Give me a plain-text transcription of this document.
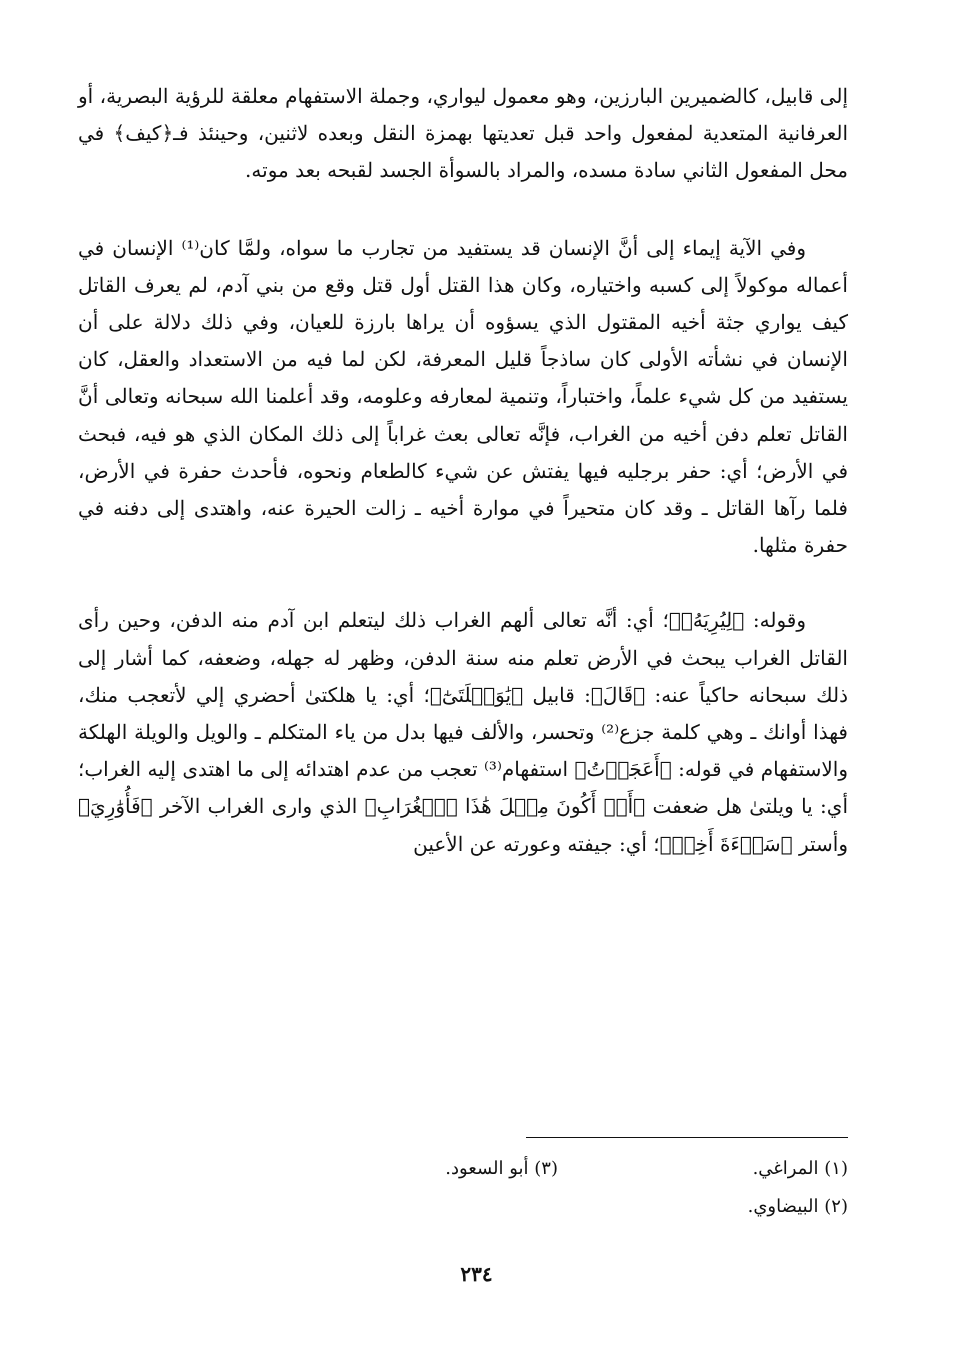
إلى قابيل، كالضميرين البارزين، وهو معمول ليواري، وجملة الاستفهام معلقة للرؤية البصرية، أو العرفانية المتعدية لمفعول واحد قبل تعديتها بهمزة النقل وبعده لاثنين، وحينئذ فـ﴿كيف﴾ في محل المفعول الثاني سادة مسده، والمراد بالسوأة الجسد لقبحه بعد موته.

وفي الآية إيماء إلى أنَّ الإنسان قد يستفيد من تجارب ما سواه، ولمَّا كان⁽¹⁾ الإنسان في أعماله موكولاً إلى كسبه واختياره، وكان هذا القتل أول قتل وقع من بني آدم، لم يعرف القاتل كيف يواري جثة أخيه المقتول الذي يسؤوه أن يراها بارزة للعيان، وفي ذلك دلالة على أن الإنسان في نشأته الأولى كان ساذجاً قليل المعرفة، لكن لما فيه من الاستعداد والعقل، كان يستفيد من كل شيء علماً، واختباراً، وتنمية لمعارفه وعلومه، وقد أعلمنا الله سبحانه وتعالى أنَّ القاتل تعلم دفن أخيه من الغراب، فإنَّه تعالى بعث غراباً إلى ذلك المكان الذي هو فيه، فبحث في الأرض؛ أي: حفر برجليه فيها يفتش عن شيء كالطعام ونحوه، فأحدث حفرة في الأرض، فلما رآها القاتل ـ وقد كان متحيراً في موارة أخيه ـ زالت الحيرة عنه، واهتدى إلى دفنه في حفرة مثلها.

وقوله: ﴿لِيُرِيَهُۥ﴾؛ أي: أنَّه تعالى ألهم الغراب ذلك ليتعلم ابن آدم منه الدفن، وحين رأى القاتل الغراب يبحث في الأرض تعلم منه سنة الدفن، وظهر له جهله، وضعفه، كما أشار إلى ذلك سبحانه حاكياً عنه: ﴿قَالَ﴾: قابيل ﴿يَٰوَيۡلَتَىٰٓ﴾؛ أي: يا هلكتىٰ أحضري إلي لأتعجب منك، فهذا أوانك ـ وهي كلمة جزع⁽²⁾ وتحسر، والألف فيها بدل من ياء المتكلم ـ والويل والويلة الهلكة والاستفهام في قوله: ﴿أَعَجَزۡتُ﴾ استفهام⁽³⁾ تعجب من عدم اهتدائه إلى ما اهتدى إليه الغراب؛ أي: يا ويلتىٰ هل ضعفت ﴿أَنۡ أَكُونَ مِثۡلَ هَٰذَا ٱلۡغُرَابِ﴾ الذي وارى الغراب الآخر ﴿فَأُوَٰرِيَ﴾ وأستر ﴿سَوۡءَةَ أَخِيۖ﴾؛ أي: جيفته وعورته عن الأعين

(١) المراغي.
(٣) أبو السعود.
(٢) البيضاوي.
٢٣٤
